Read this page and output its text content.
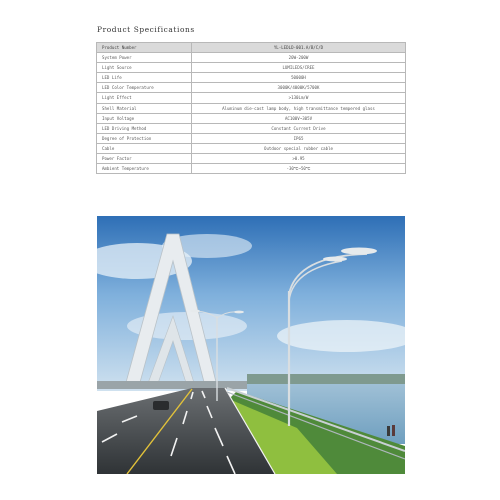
Product Specifications
Product Number	YL-LEDLD-001.A/B/C/D
System Power	20W-200W
Light Source	LUMILEDS/CREE
LED Life	50000H
LED Color Temperature	3000K/4000K/5700K
Light Effect	>130Lm/W
Shell Material	Aluminum die-cast lamp body, high transmittance tempered glass
Input Voltage	AC100V~305V
LED Driving Method	Constant Current Drive
Degree of Protection	IP65
Cable	Outdoor special rubber cable
Power Factor	>0.95
Ambient Temperature	-30℃~50℃
